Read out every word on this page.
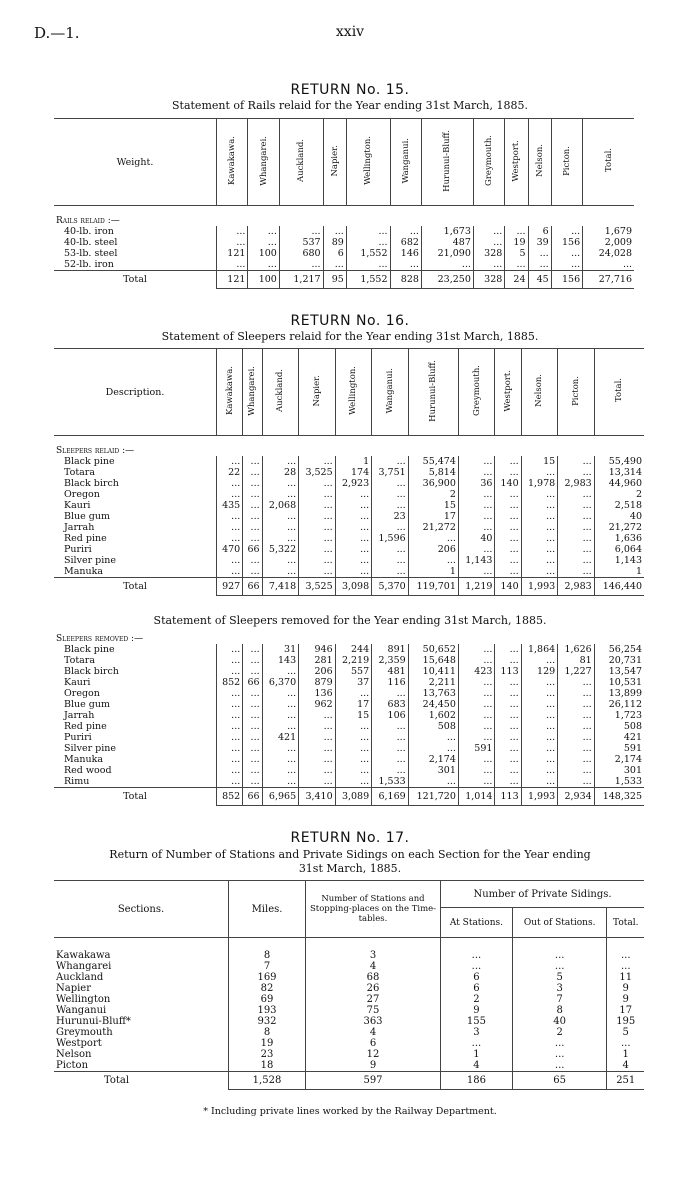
D.—1.	xxiv
RETURN No. 15.
Statement of Rails relaid for the Year ending 31st March, 1885.
Weight.	Kawakawa.	Whangarei.	Auckland.	Napier.	Wellington.	Wanganui.	Hurunui-Bluff.	Greymouth.	Westport.	Nelson.	Picton.	Total.
Rails relaid :—												
40-lb. iron	...	...	...	...	...	...	1,673	...	...	6	...	1,679
40-lb. steel	...	...	537	89	...	682	487	...	19	39	156	2,009
53-lb. steel	121	100	680	6	1,552	146	21,090	328	5	...	...	24,028
52-lb. iron	...	...	...	...	...	...	...	...	...	...	...	...
Total	121	100	1,217	95	1,552	828	23,250	328	24	45	156	27,716
RETURN No. 16.
Statement of Sleepers relaid for the Year ending 31st March, 1885.
Description.	Kawakawa.	Whangarei.	Auckland.	Napier.	Wellington.	Wanganui.	Hurunui-Bluff.	Greymouth.	Westport.	Nelson.	Picton.	Total.
Sleepers relaid :—												
Black pine	...	...	...	...	1	...	55,474	...	...	15	...	55,490
Totara	22	...	28	3,525	174	3,751	5,814	...	...	...	...	13,314
Black birch	...	...	...	...	2,923	...	36,900	36	140	1,978	2,983	44,960
Oregon	...	...	...	...	...	...	2	...	...	...	...	2
Kauri	435	...	2,068	...	...	...	15	...	...	...	...	2,518
Blue gum	...	...	...	...	...	23	17	...	...	...	...	40
Jarrah	...	...	...	...	...	...	21,272	...	...	...	...	21,272
Red pine	...	...	...	...	...	1,596	...	40	...	...	...	1,636
Puriri	470	66	5,322	...	...	...	206	...	...	...	...	6,064
Silver pine	...	...	...	...	...	...	...	1,143	...	...	...	1,143
Manuka	...	...	...	...	...	...	1	...	...	...	...	1
Total	927	66	7,418	3,525	3,098	5,370	119,701	1,219	140	1,993	2,983	146,440
Statement of Sleepers removed for the Year ending 31st March, 1885.
Sleepers removed :—												
Black pine	...	...	31	946	244	891	50,652	...	...	1,864	1,626	56,254
Totara	...	...	143	281	2,219	2,359	15,648	...	...	...	81	20,731
Black birch	...	...	...	206	557	481	10,411	423	113	129	1,227	13,547
Kauri	852	66	6,370	879	37	116	2,211	...	...	...	...	10,531
Oregon	...	...	...	136	...	...	13,763	...	...	...	...	13,899
Blue gum	...	...	...	962	17	683	24,450	...	...	...	...	26,112
Jarrah	...	...	...	...	15	106	1,602	...	...	...	...	1,723
Red pine	...	...	...	...	...	...	508	...	...	...	...	508
Puriri	...	...	421	...	...	...	...	...	...	...	...	421
Silver pine	...	...	...	...	...	...	...	591	...	...	...	591
Manuka	...	...	...	...	...	...	2,174	...	...	...	...	2,174
Red wood	...	...	...	...	...	...	301	...	...	...	...	301
Rimu	...	...	...	...	...	1,533	...	...	...	...	...	1,533
Total	852	66	6,965	3,410	3,089	6,169	121,720	1,014	113	1,993	2,934	148,325
RETURN No. 17.
Return of Number of Stations and Private Sidings on each Section for the Year ending
31st March, 1885.
Sections.	Miles.	Number of Stations and Stopping-places on the Time-tables.	Number of Private Sidings.		
			At Stations.	Out of Stations.	Total.
Kawakawa	8	3	...	...	...
Whangarei	7	4	...	...	...
Auckland	169	68	6	5	11
Napier	82	26	6	3	9
Wellington	69	27	2	7	9
Wanganui	193	75	9	8	17
Hurunui-Bluff*	932	363	155	40	195
Greymouth	8	4	3	2	5
Westport	19	6	...	...	...
Nelson	23	12	1	...	1
Picton	18	9	4	...	4
Total	1,528	597	186	65	251
* Including private lines worked by the Railway Department.
